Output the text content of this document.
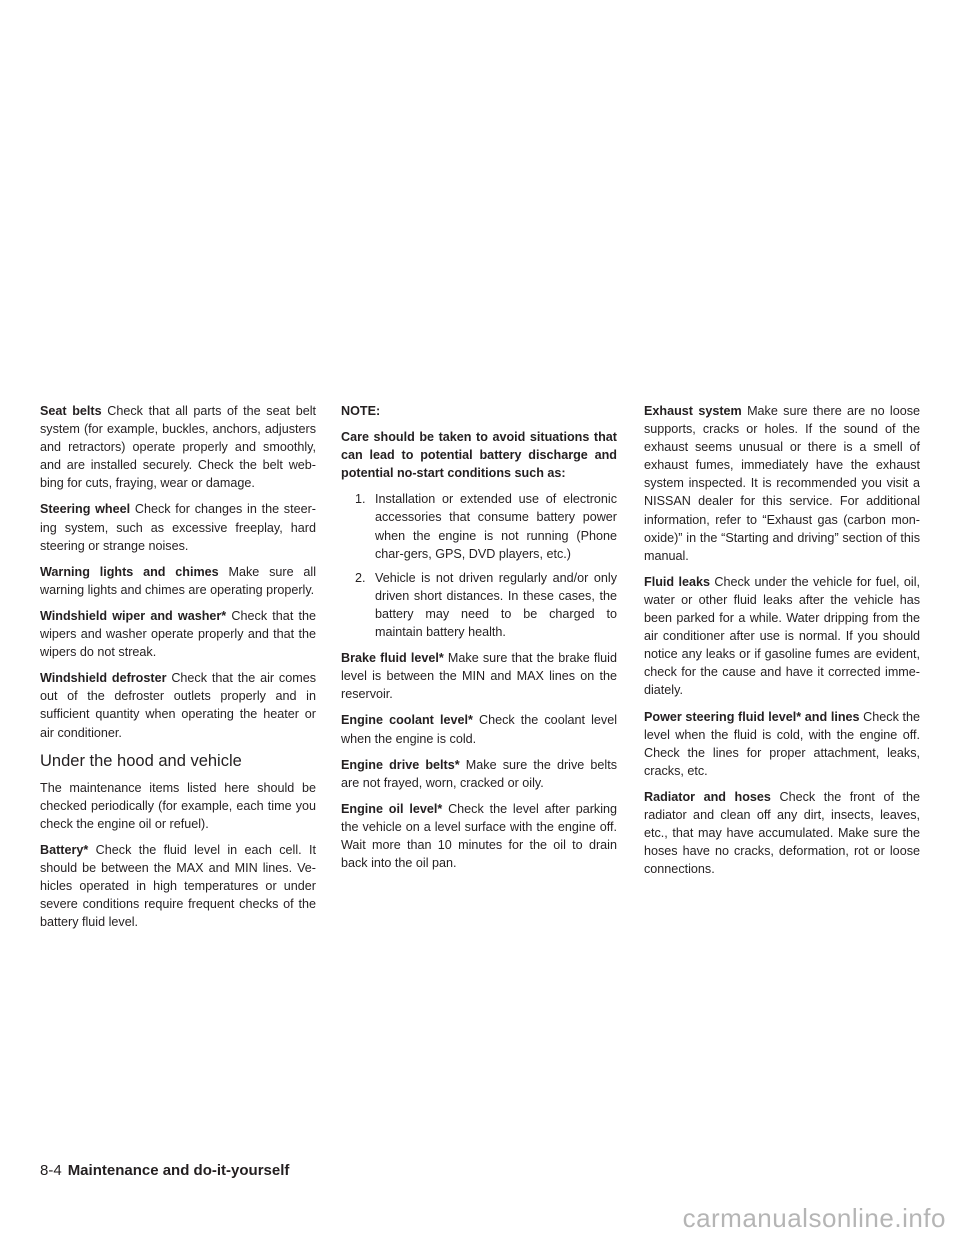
Seat belts Check that all parts of the seat belt system (for example, buckles, anchors, adjusters and retractors) operate properly and smoothly, and are installed securely. Check the belt web-bing for cuts, fraying, wear or damage.

Steering wheel Check for changes in the steer-ing system, such as excessive freeplay, hard steering or strange noises.

Warning lights and chimes Make sure all warning lights and chimes are operating properly.

Windshield wiper and washer* Check that the wipers and washer operate properly and that the wipers do not streak.

Windshield defroster Check that the air comes out of the defroster outlets properly and in sufficient quantity when operating the heater or air conditioner.

Under the hood and vehicle

The maintenance items listed here should be checked periodically (for example, each time you check the engine oil or refuel).

Battery* Check the fluid level in each cell. It should be between the MAX and MIN lines. Ve-hicles operated in high temperatures or under severe conditions require frequent checks of the battery fluid level.

NOTE:

Care should be taken to avoid situations that can lead to potential battery discharge and potential no-start conditions such as:

1. Installation or extended use of electronic accessories that consume battery power when the engine is not running (Phone char-gers, GPS, DVD players, etc.)
2. Vehicle is not driven regularly and/or only driven short distances. In these cases, the battery may need to be charged to maintain battery health.

Brake fluid level* Make sure that the brake fluid level is between the MIN and MAX lines on the reservoir.

Engine coolant level* Check the coolant level when the engine is cold.

Engine drive belts* Make sure the drive belts are not frayed, worn, cracked or oily.

Engine oil level* Check the level after parking the vehicle on a level surface with the engine off. Wait more than 10 minutes for the oil to drain back into the oil pan.

Exhaust system Make sure there are no loose supports, cracks or holes. If the sound of the exhaust seems unusual or there is a smell of exhaust fumes, immediately have the exhaust system inspected. It is recommended you visit a NISSAN dealer for this service. For additional information, refer to “Exhaust gas (carbon mon-oxide)” in the “Starting and driving” section of this manual.

Fluid leaks Check under the vehicle for fuel, oil, water or other fluid leaks after the vehicle has been parked for a while. Water dripping from the air conditioner after use is normal. If you should notice any leaks or if gasoline fumes are evident, check for the cause and have it corrected imme-diately.

Power steering fluid level* and lines Check the level when the fluid is cold, with the engine off. Check the lines for proper attachment, leaks, cracks, etc.

Radiator and hoses Check the front of the radiator and clean off any dirt, insects, leaves, etc., that may have accumulated. Make sure the hoses have no cracks, deformation, rot or loose connections.

8-4 Maintenance and do-it-yourself
carmanualsonline.info
